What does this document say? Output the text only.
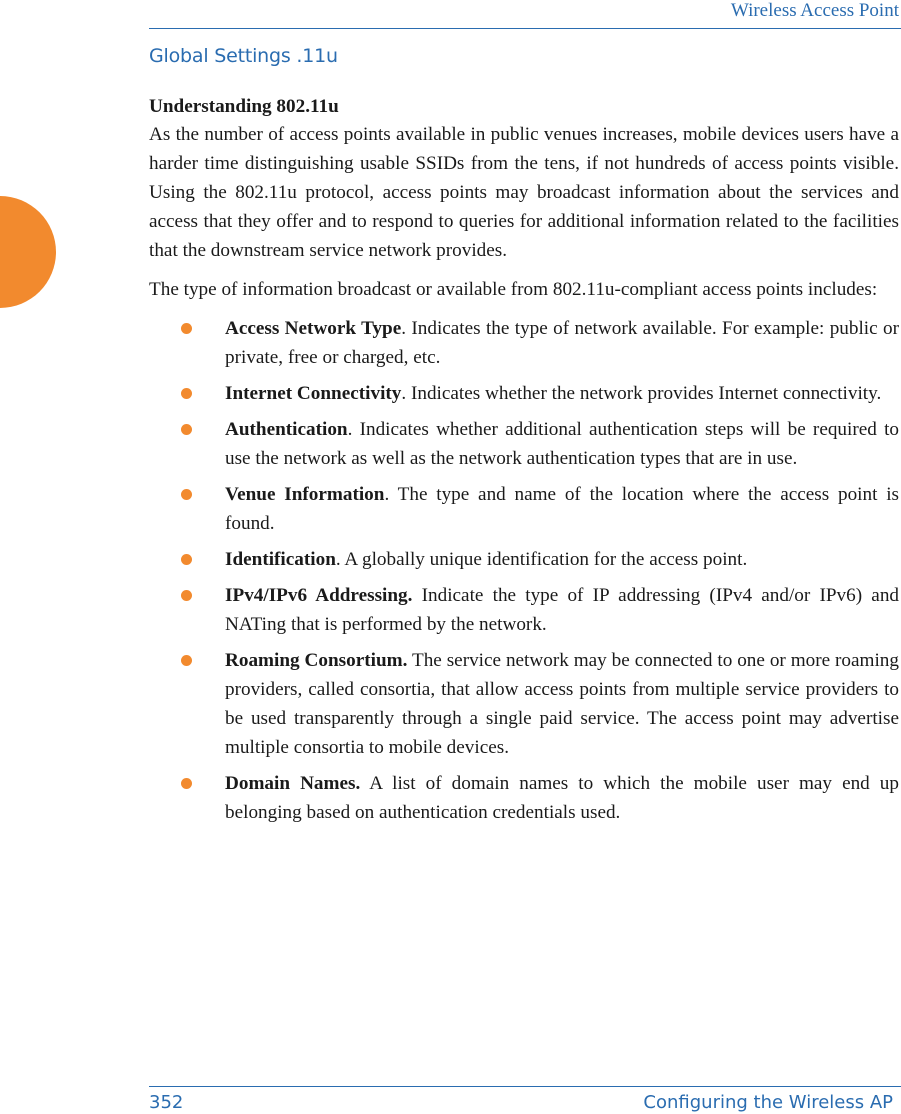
Wireless Access Point
Global Settings .11u
Understanding 802.11u

As the number of access points available in public venues increases, mobile devices users have a harder time distinguishing usable SSIDs from the tens, if not hundreds of access points visible. Using the 802.11u protocol, access points may broadcast information about the services and access that they offer and to respond to queries for additional information related to the facilities that the downstream service network provides.

The type of information broadcast or available from 802.11u-compliant access points includes:

Access Network Type. Indicates the type of network available. For example: public or private, free or charged, etc.
Internet Connectivity. Indicates whether the network provides Internet connectivity.
Authentication. Indicates whether additional authentication steps will be required to use the network as well as the network authentication types that are in use.
Venue Information. The type and name of the location where the access point is found.
Identification. A globally unique identification for the access point.
IPv4/IPv6 Addressing. Indicate the type of IP addressing (IPv4 and/or IPv6) and NATing that is performed by the network.
Roaming Consortium. The service network may be connected to one or more roaming providers, called consortia, that allow access points from multiple service providers to be used transparently through a single paid service. The access point may advertise multiple consortia to mobile devices.
Domain Names. A list of domain names to which the mobile user may end up belonging based on authentication credentials used.
352	Configuring the Wireless AP
